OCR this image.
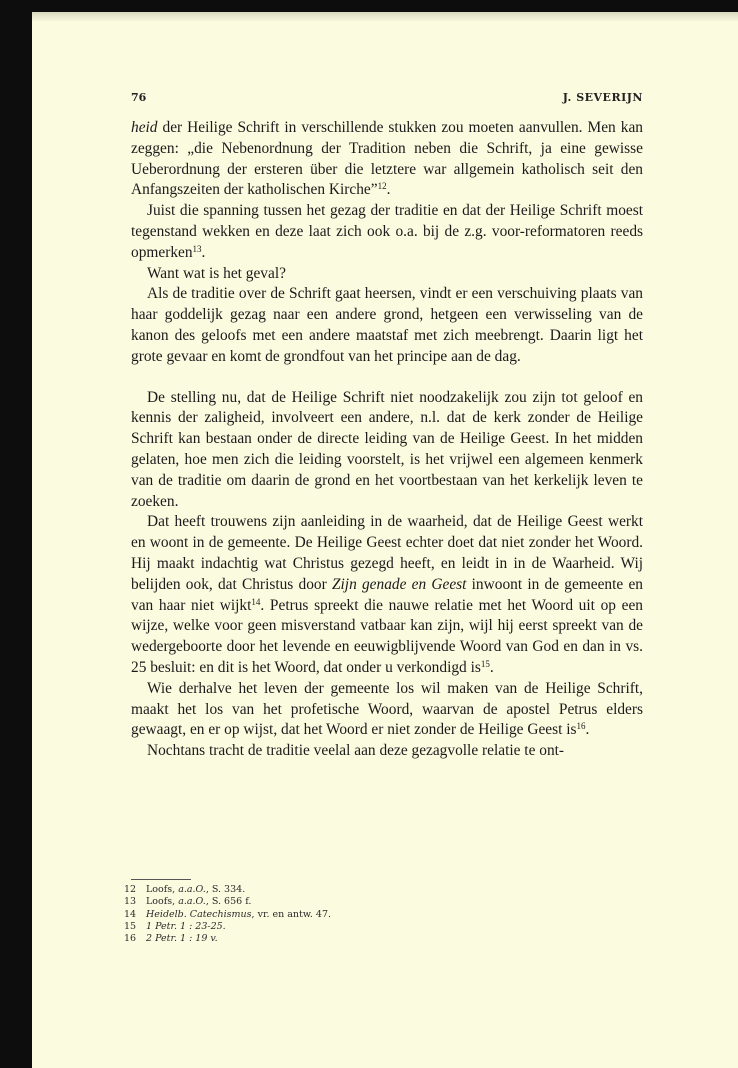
76	J. SEVERIJN

heid der Heilige Schrift in verschillende stukken zou moeten aanvullen. Men kan zeggen: „die Nebenordnung der Tradition neben die Schrift, ja eine gewisse Ueberordnung der ersteren über die letztere war allgemein katholisch seit den Anfangszeiten der katholischen Kirche”$^{12}$.

Juist die spanning tussen het gezag der traditie en dat der Heilige Schrift moest tegenstand wekken en deze laat zich ook o.a. bij de z.g. voor-reformatoren reeds opmerken$^{13}$.

Want wat is het geval?

Als de traditie over de Schrift gaat heersen, vindt er een verschuiving plaats van haar goddelijk gezag naar een andere grond, hetgeen een verwisseling van de kanon des geloofs met een andere maatstaf met zich meebrengt. Daarin ligt het grote gevaar en komt de grondfout van het principe aan de dag.

De stelling nu, dat de Heilige Schrift niet noodzakelijk zou zijn tot geloof en kennis der zaligheid, involveert een andere, n.l. dat de kerk zonder de Heilige Schrift kan bestaan onder de directe leiding van de Heilige Geest. In het midden gelaten, hoe men zich die leiding voorstelt, is het vrijwel een algemeen kenmerk van de traditie om daarin de grond en het voortbestaan van het kerkelijk leven te zoeken.

Dat heeft trouwens zijn aanleiding in de waarheid, dat de Heilige Geest werkt en woont in de gemeente. De Heilige Geest echter doet dat niet zonder het Woord. Hij maakt indachtig wat Christus gezegd heeft, en leidt in in de Waarheid. Wij belijden ook, dat Christus door Zijn genade en Geest inwoont in de gemeente en van haar niet wijkt$^{14}$. Petrus spreekt die nauwe relatie met het Woord uit op een wijze, welke voor geen misverstand vatbaar kan zijn, wijl hij eerst spreekt van de wedergeboorte door het levende en eeuwigblijvende Woord van God en dan in vs. 25 besluit: en dit is het Woord, dat onder u verkondigd $is^{15}$.

Wie derhalve het leven der gemeente los wil maken van de Heilige Schrift, maakt het los van het profetische Woord, waarvan de apostel Petrus elders gewaagt, en er op wijst, dat het Woord er niet zonder de Heilige Geest $is^{16}$.

Nochtans tracht de traditie veelal aan deze gezagvolle relatie te ont-

12	Loofs, a.a.O., S. 334.
13	Loofs, a.a.O., S. 656 f.
14	Heidelb. Catechismus, vr. en antw. 47.
15	1 Petr. 1 : 23-25.
16	2 Petr. 1 : 19 v.
